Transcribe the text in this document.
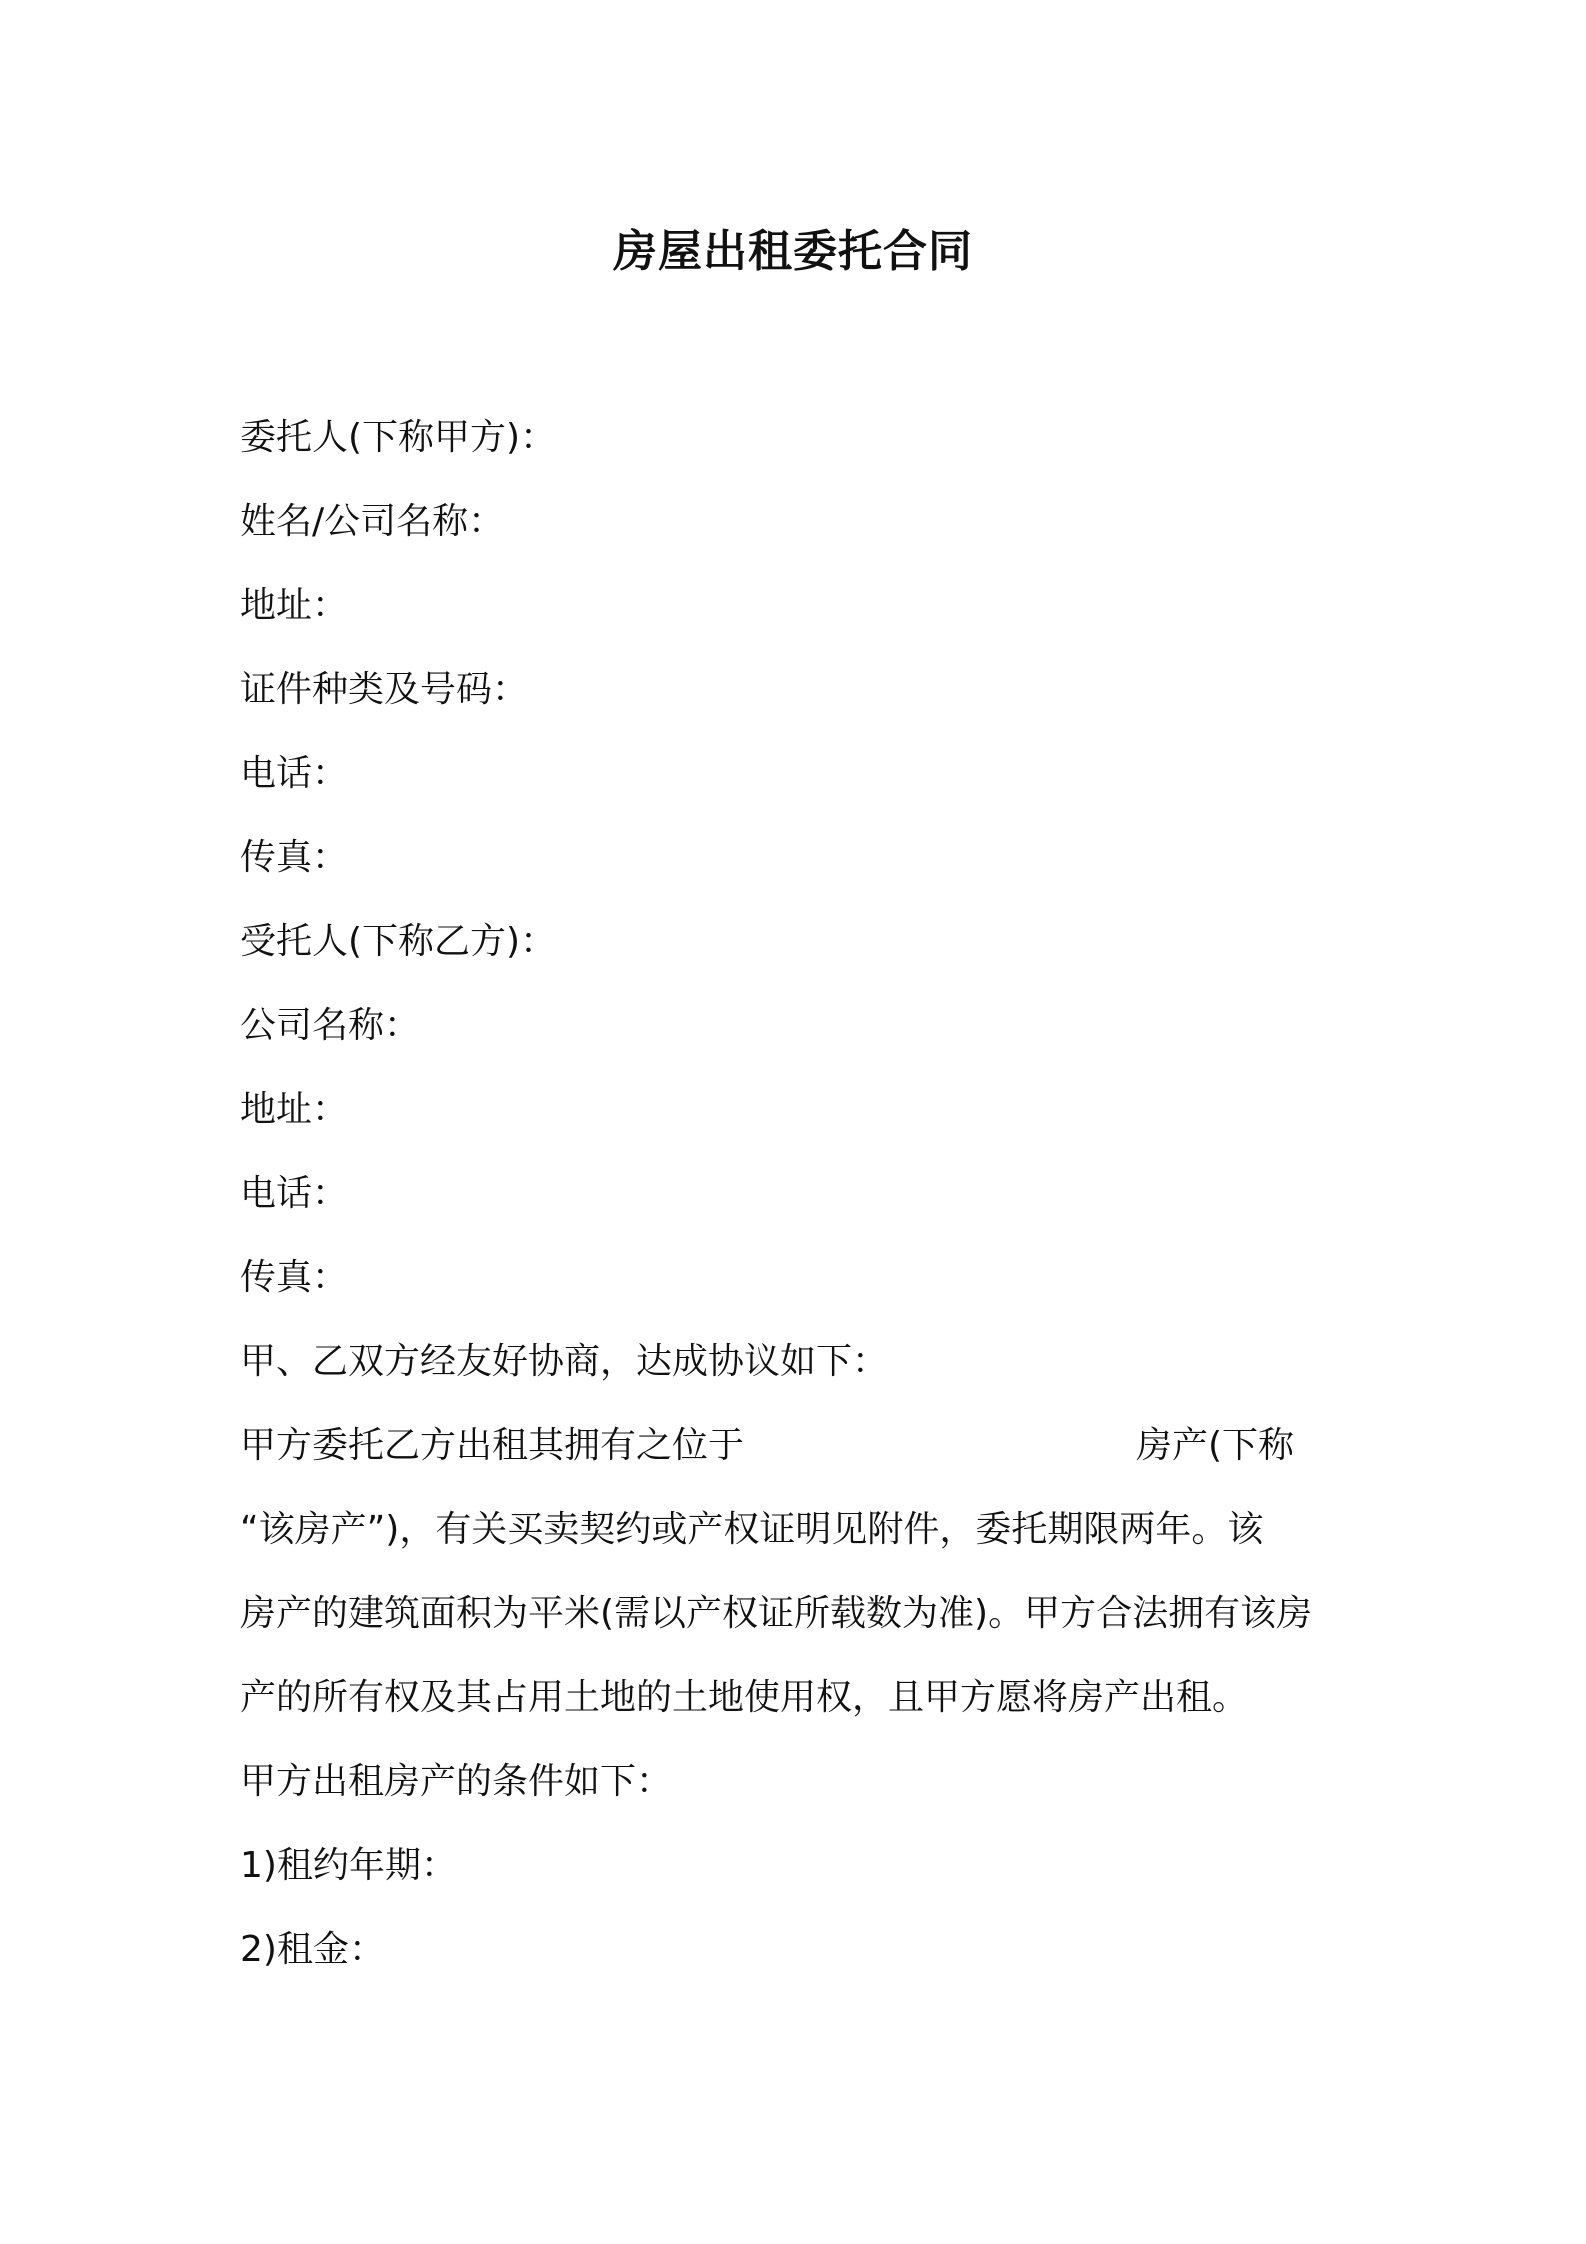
房屋出租委托合同
委托人(下称甲方)：
姓名/公司名称：
地址：
证件种类及号码：
电话：
传真：
受托人(下称乙方)：
公司名称：
地址：
电话：
传真：
甲、乙双方经友好协商，达成协议如下：
甲方委托乙方出租其拥有之位于	房产(下称
“该房产”)，有关买卖契约或产权证明见附件，委托期限两年。该
房产的建筑面积为平米(需以产权证所载数为准)。甲方合法拥有该房
产的所有权及其占用土地的土地使用权，且甲方愿将房产出租。
甲方出租房产的条件如下：
1)租约年期：
2)租金：
